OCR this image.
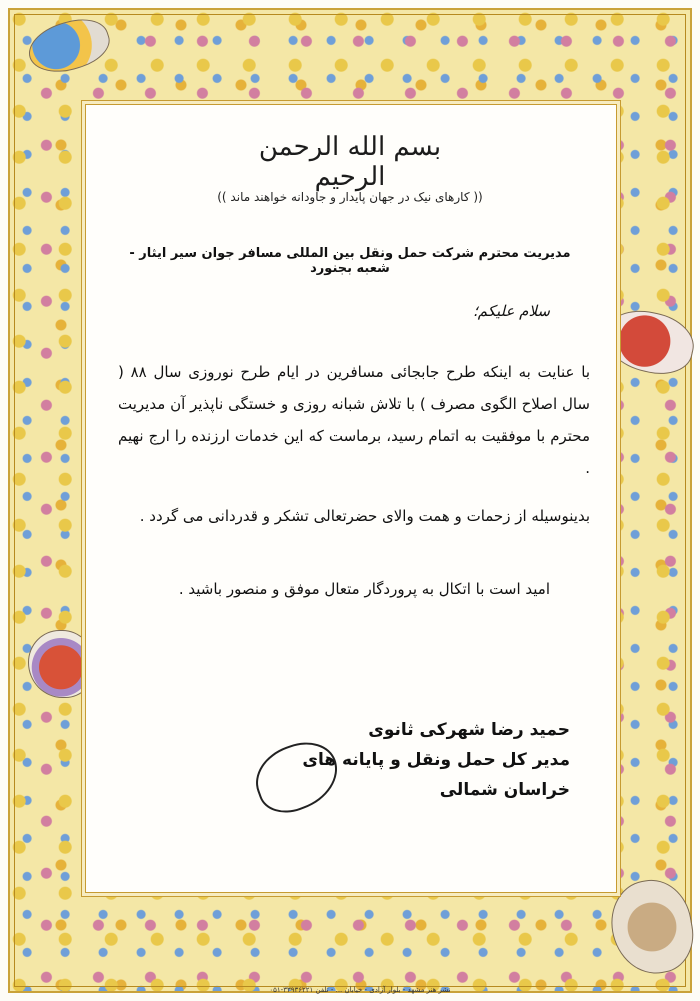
بسم الله الرحمن الرحيم
(( کارهای نیک در جهان پایدار و جاودانه خواهند ماند ))
مدیریت محترم شرکت حمل ونقل بین المللی مسافر جوان سیر ایثار - شعبه بجنورد
سلام علیکم؛
با عنایت به اینکه طرح جابجائی مسافرین در ایام طرح نوروزی سال ۸۸ ( سال اصلاح الگوی مصرف ) با تلاش شبانه روزی و خستگی ناپذیر آن مدیریت محترم با موفقیت به اتمام رسید، برماست که این خدمات ارزنده را ارج نهیم .
بدینوسیله از زحمات و همت والای حضرتعالی تشکر و قدردانی می گردد .
امید است با اتکال به پروردگار متعال موفق و منصور باشید .
حمید رضا شهرکی ثانوی
مدیر کل حمل ونقل و پایانه های
خراسان شمالی
نشر هنر مشهد - بلوار آزادی - خیابان ... - تلفن ۳۳۹۳۶۲۲۱-۰۵۱
